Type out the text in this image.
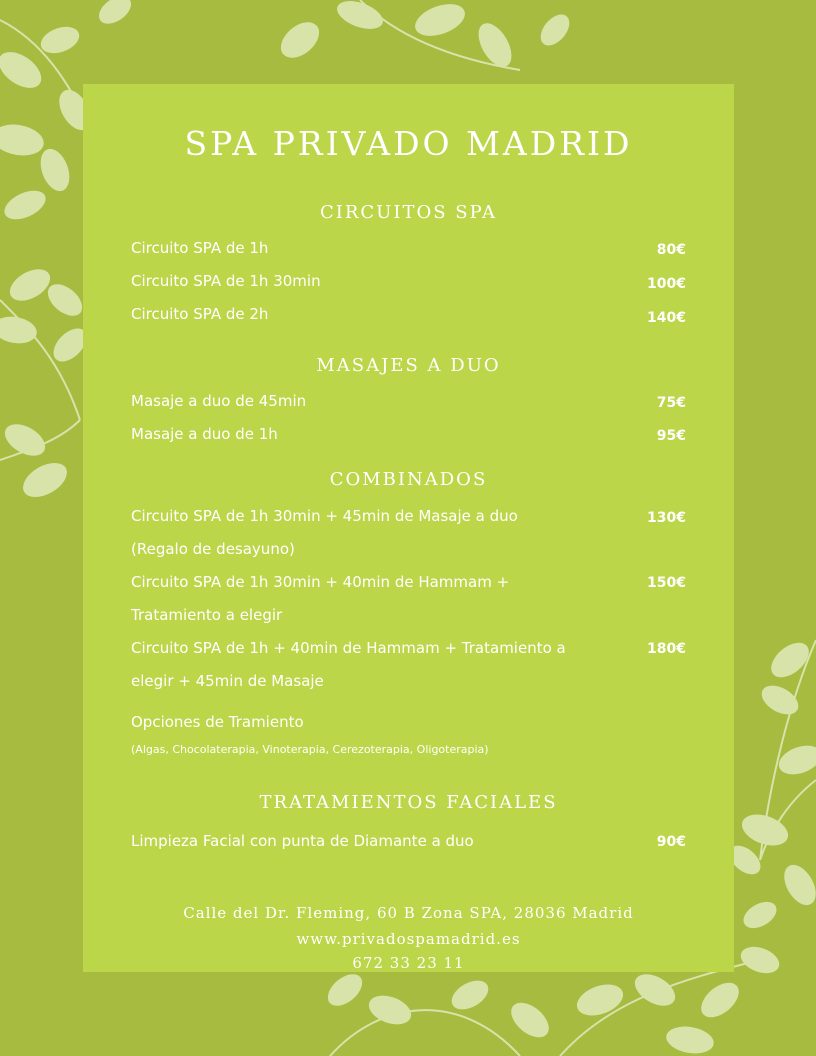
SPA PRIVADO MADRID
CIRCUITOS SPA
Circuito SPA de 1h	80€
Circuito SPA de 1h 30min	100€
Circuito SPA de 2h	140€
MASAJES A DUO
Masaje a duo de 45min	75€
Masaje a duo de 1h	95€
COMBINADOS
Circuito SPA de 1h 30min + 45min de Masaje a duo
(Regalo de desayuno)
130€
Circuito SPA de 1h 30min + 40min de Hammam +
Tratamiento a elegir
150€
Circuito SPA de 1h + 40min de Hammam + Tratamiento a
elegir + 45min de Masaje
180€
Opciones de Tramiento
(Algas, Chocolaterapia, Vinoterapia, Cerezoterapia, Oligoterapia)
TRATAMIENTOS FACIALES
Limpieza Facial con punta de Diamante a duo	90€
Calle del Dr. Fleming, 60 B Zona SPA, 28036 Madrid
www.privadospamadrid.es
672 33 23 11
